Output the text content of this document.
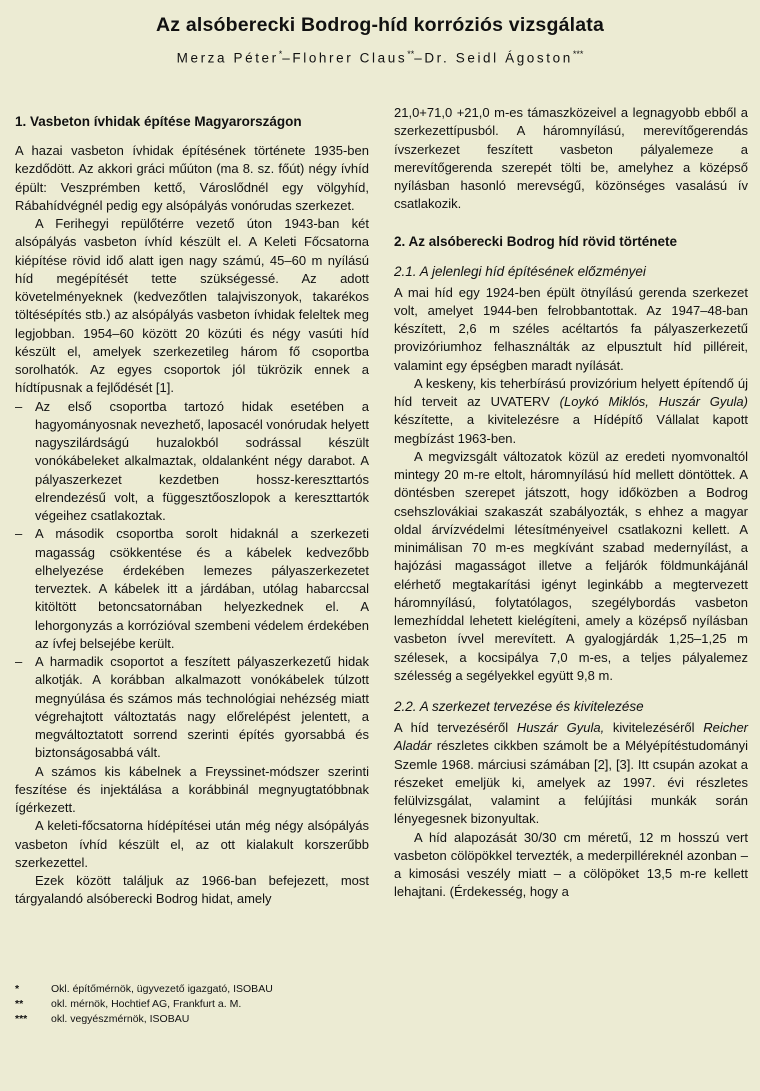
Az alsóberecki Bodrog-híd korróziós vizsgálata
Merza Péter*–Flohrer Claus**–Dr. Seidl Ágoston***
1. Vasbeton ívhidak építése Magyarországon

A hazai vasbeton ívhidak építésének története 1935-ben kezdődött. Az akkori gráci műúton (ma 8. sz. főút) négy ívhíd épült: Veszprémben kettő, Városlődnél egy völgyhíd, Rábahídvégnél pedig egy alsópályás vonórudas szerkezet.

A Ferihegyi repülőtérre vezető úton 1943-ban két alsópályás vasbeton ívhíd készült el. A Keleti Főcsatorna kiépítése rövid idő alatt igen nagy számú, 45–60 m nyílású híd megépítését tette szükségessé. Az adott követelményeknek (kedvezőtlen talajviszonyok, takarékos töltésépítés stb.) az alsópályás vasbeton ívhidak feleltek meg legjobban. 1954–60 között 20 közúti és négy vasúti híd készült el, amelyek szerkezetileg három fő csoportba sorolhatók. Az egyes csoportok jól tükrözik ennek a hídtípusnak a fejlődését [1].

– Az első csoportba tartozó hidak esetében a hagyományosnak nevezhető, laposacél vonórudak helyett nagyszilárdságú huzalokból sodrással készült vonókábeleket alkalmaztak, oldalanként négy darabot. A pályaszerkezet kezdetben hossz-kereszttartós elrendezésű volt, a függesztőoszlopok a kereszttartók végeihez csatlakoztak.

– A második csoportba sorolt hidaknál a szerkezeti magasság csökkentése és a kábelek kedvezőbb elhelyezése érdekében lemezes pályaszerkezetet terveztek. A kábelek itt a járdában, utólag habarccsal kitöltött betoncsatornában helyezkednek el. A lehorgonyzás a korrózióval szembeni védelem érdekében az ívfej belsejébe került.

– A harmadik csoportot a feszített pályaszerkezetű hidak alkotják. A korábban alkalmazott vonókábelek túlzott megnyúlása és számos más technológiai nehézség miatt végrehajtott változtatás nagy előrelépést jelentett, a megváltoztatott sorrend szerinti építés gyorsabbá és biztonságosabbá vált.

A számos kis kábelnek a Freyssinet-módszer szerinti feszítése és injektálása a korábbinál megnyugtatóbbnak ígérkezett.

A keleti-főcsatorna hídépítései után még négy alsópályás vasbeton ívhíd készült el, az ott kialakult korszerűbb szerkezettel.

Ezek között találjuk az 1966-ban befejezett, most tárgyalandó alsóberecki Bodrog hidat, amely

21,0+71,0 +21,0 m-es támaszközeivel a legnagyobb ebből a szerkezettípusból. A háromnyílású, merevítőgerendás ívszerkezet feszített vasbeton pályalemeze a merevítőgerenda szerepét tölti be, amelyhez a középső nyílásban hasonló merevségű, közönséges vasalású ív csatlakozik.

2. Az alsóberecki Bodrog híd rövid története
2.1. A jelenlegi híd építésének előzményei

A mai híd egy 1924-ben épült ötnyílású gerenda szerkezet volt, amelyet 1944-ben felrobbantottak. Az 1947–48-ban készített, 2,6 m széles acéltartós fa pályaszerkezetű provizóriumhoz felhasználták az elpusztult híd pilléreit, valamint egy épségben maradt nyílását.

A keskeny, kis teherbírású provizórium helyett építendő új híd terveit az UVATERV (Loykó Miklós, Huszár Gyula) készítette, a kivitelezésre a Hídépítő Vállalat kapott megbízást 1963-ben.

A megvizsgált változatok közül az eredeti nyomvonaltól mintegy 20 m-re eltolt, háromnyílású híd mellett döntöttek. A döntésben szerepet játszott, hogy időközben a Bodrog csehszlovákiai szakaszát szabályozták, s ehhez a magyar oldal árvízvédelmi létesítményeivel csatlakozni kellett. A minimálisan 70 m-es megkívánt szabad medernyílást, a hajózási magasságot illetve a feljárók földmunkájánál elérhető megtakarítási igényt leginkább a megtervezett háromnyílású, folytatólagos, szegélybordás vasbeton lemezhíddal lehetett kielégíteni, amely a középső nyílásban vasbeton ívvel merevített. A gyalogjárdák 1,25–1,25 m szélesek, a kocsipálya 7,0 m-es, a teljes pályalemez szélesség a segélyekkel együtt 9,8 m.

2.2. A szerkezet tervezése és kivitelezése

A híd tervezéséről Huszár Gyula, kivitelezéséről Reicher Aladár részletes cikkben számolt be a Mélyépítéstudományi Szemle 1968. márciusi számában [2], [3]. Itt csupán azokat a részeket emeljük ki, amelyek az 1997. évi részletes felülvizsgálat, valamint a felújítási munkák során lényegesnek bizonyultak.

A híd alapozását 30/30 cm méretű, 12 m hosszú vert vasbeton cölöpökkel tervezték, a mederpilléreknél azonban – a kimosási veszély miatt – a cölöpöket 13,5 m-re kellett lehajtani. (Érdekesség, hogy a

*	Okl. építőmérnök, ügyvezető igazgató, ISOBAU
**	okl. mérnök, Hochtief AG, Frankfurt a. M.
*** okl. vegyészmérnök, ISOBAU
